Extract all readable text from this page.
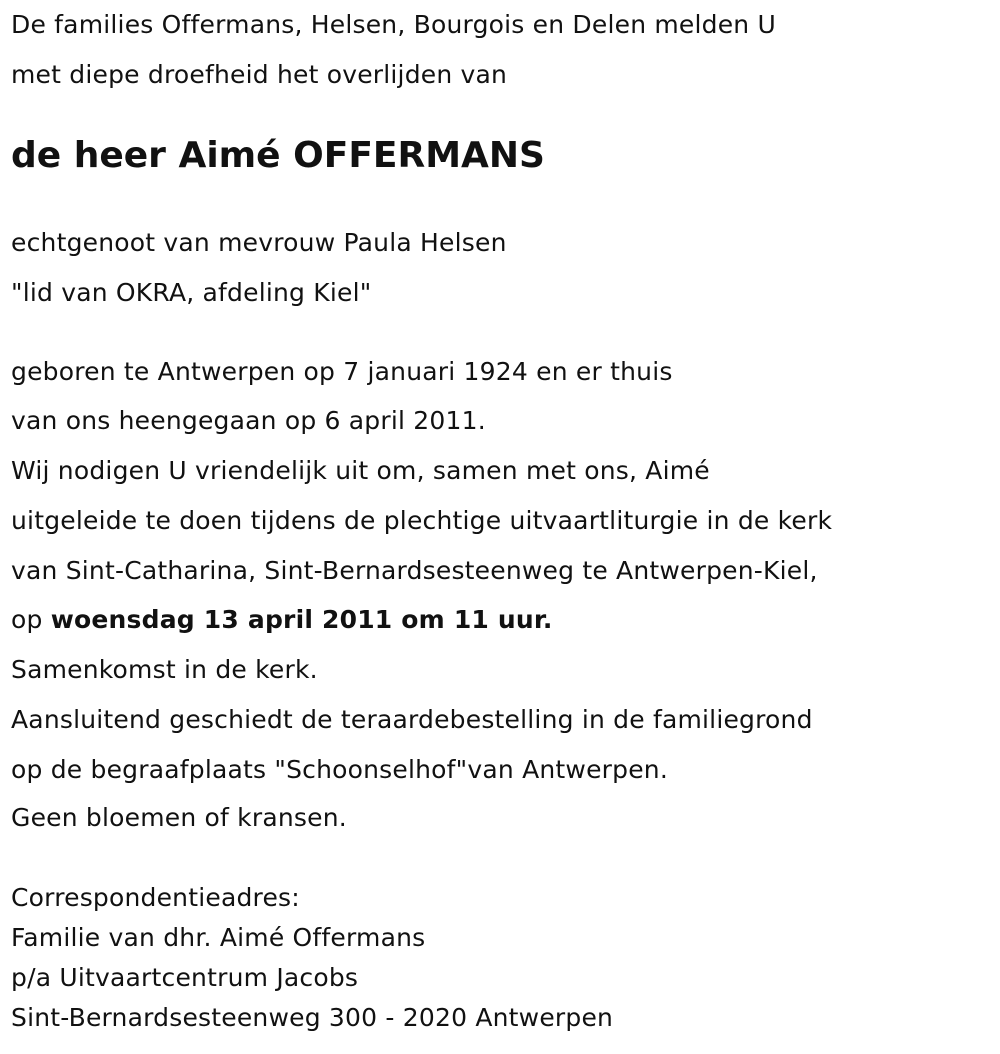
De families Offermans, Helsen, Bourgois en Delen melden U
met diepe droefheid het overlijden van
de heer Aimé OFFERMANS
echtgenoot van mevrouw Paula Helsen
"lid van OKRA, afdeling Kiel"
geboren te Antwerpen op 7 januari 1924 en er thuis
van ons heengegaan op 6 april 2011.
Wij nodigen U vriendelijk uit om, samen met ons, Aimé
uitgeleide te doen tijdens de plechtige uitvaartliturgie in de kerk
van Sint-Catharina, Sint-Bernardsesteenweg te Antwerpen-Kiel,
op woensdag 13 april 2011 om 11 uur.
Samenkomst in de kerk.
Aansluitend geschiedt de teraardebestelling in de familiegrond
op de begraafplaats "Schoonselhof"van Antwerpen.
Geen bloemen of kransen.
Correspondentieadres:
Familie van dhr. Aimé Offermans
p/a Uitvaartcentrum Jacobs
Sint-Bernardsesteenweg 300 - 2020 Antwerpen
